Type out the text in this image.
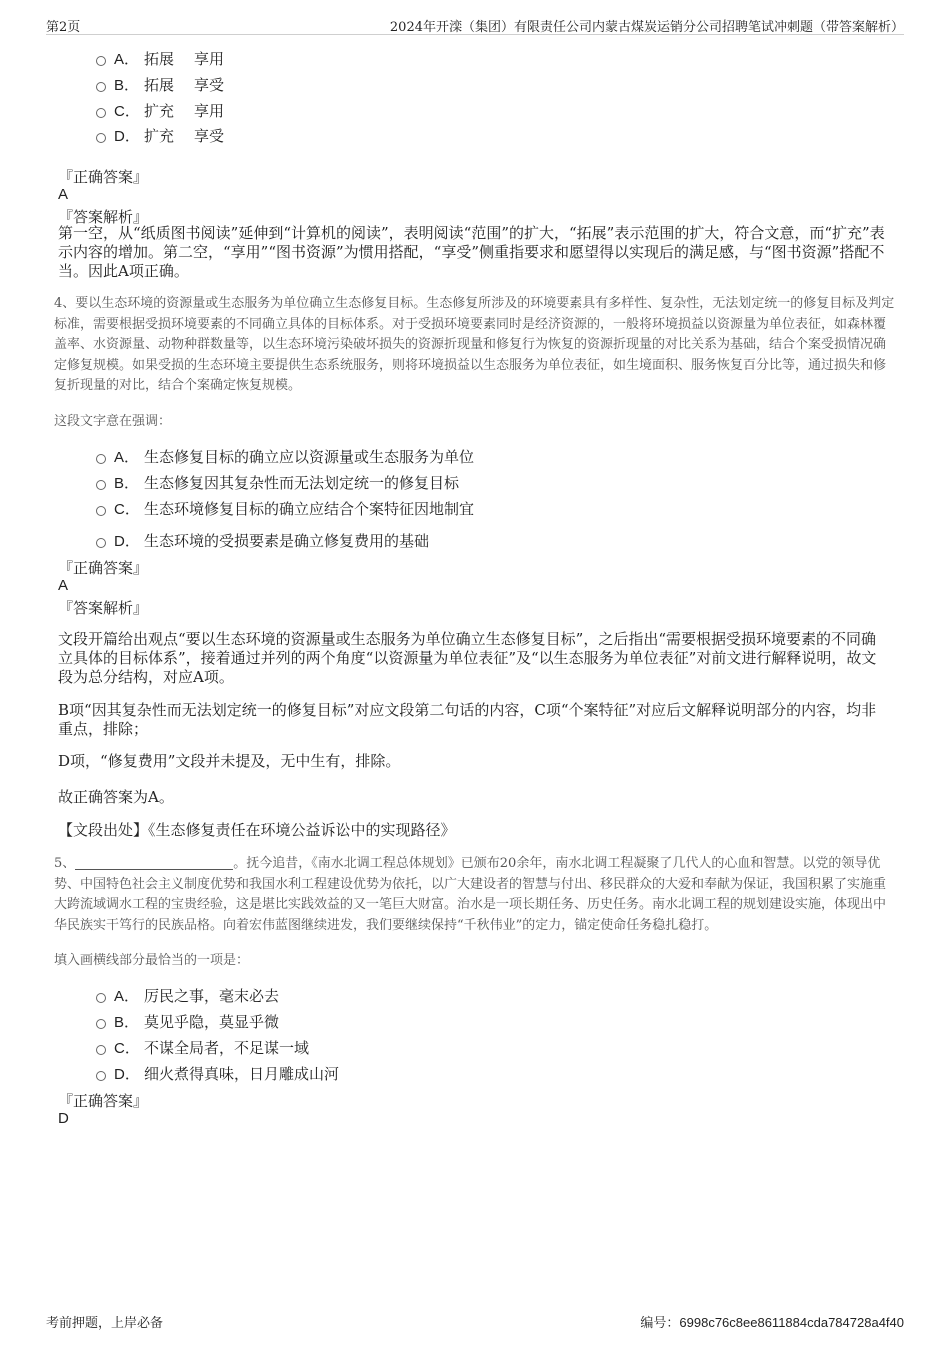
第2页	2024年开滦（集团）有限责任公司内蒙古煤炭运销分公司招聘笔试冲刺题（带答案解析）
A． 拓展 享用
B． 拓展 享受
C． 扩充 享用
D． 扩充 享受
『正确答案』
A
『答案解析』

第一空，从“纸质图书阅读”延伸到“计算机的阅读”，表明阅读“范围”的扩大，“拓展”表示范围的扩大，符合文意，而“扩充”表示内容的增加。第二空，“享用”“图书资源”为惯用搭配，“享受”侧重指要求和愿望得以实现后的满足感，与“图书资源”搭配不当。因此A项正确。

4、要以生态环境的资源量或生态服务为单位确立生态修复目标。生态修复所涉及的环境要素具有多样性、复杂性，无法划定统一的修复目标及判定标准，需要根据受损环境要素的不同确立具体的目标体系。对于受损环境要素同时是经济资源的，一般将环境损益以资源量为单位表征，如森林覆盖率、水资源量、动物种群数量等，以生态环境污染破坏损失的资源折现量和修复行为恢复的资源折现量的对比关系为基础，结合个案受损情况确定修复规模。如果受损的生态环境主要提供生态系统服务，则将环境损益以生态服务为单位表征，如生境面积、服务恢复百分比等，通过损失和修复折现量的对比，结合个案确定恢复规模。

这段文字意在强调：
A． 生态修复目标的确立应以资源量或生态服务为单位
B． 生态修复因其复杂性而无法划定统一的修复目标
C． 生态环境修复目标的确立应结合个案特征因地制宜
D． 生态环境的受损要素是确立修复费用的基础
『正确答案』
A
『答案解析』

文段开篇给出观点“要以生态环境的资源量或生态服务为单位确立生态修复目标”，之后指出“需要根据受损环境要素的不同确立具体的目标体系”，接着通过并列的两个角度“以资源量为单位表征”及“以生态服务为单位表征”对前文进行解释说明，故文段为总分结构，对应A项。

B项“因其复杂性而无法划定统一的修复目标”对应文段第二句话的内容，C项“个案特征”对应后文解释说明部分的内容，均非重点，排除；

D项，“修复费用”文段并未提及，无中生有，排除。

故正确答案为A。

【文段出处】《生态修复责任在环境公益诉讼中的实现路径》

5、	。抚今追昔，《南水北调工程总体规划》已颁布20余年，南水北调工程凝聚了几代人的心血和智慧。以党的领导优势、中国特色社会主义制度优势和我国水利工程建设优势为依托，以广大建设者的智慧与付出、移民群众的大爱和奉献为保证，我国积累了实施重大跨流域调水工程的宝贵经验，这是堪比实践效益的又一笔巨大财富。治水是一项长期任务、历史任务。南水北调工程的规划建设实施，体现出中华民族实干笃行的民族品格。向着宏伟蓝图继续进发，我们要继续保持“千秋伟业”的定力，锚定使命任务稳扎稳打。

填入画横线部分最恰当的一项是：
A． 厉民之事，毫末必去
B． 莫见乎隐，莫显乎微
C． 不谋全局者，不足谋一域
D． 细火煮得真味，日月雕成山河
『正确答案』
D
考前押题，上岸必备	编号：6998c76c8ee8611884cda784728a4f40
